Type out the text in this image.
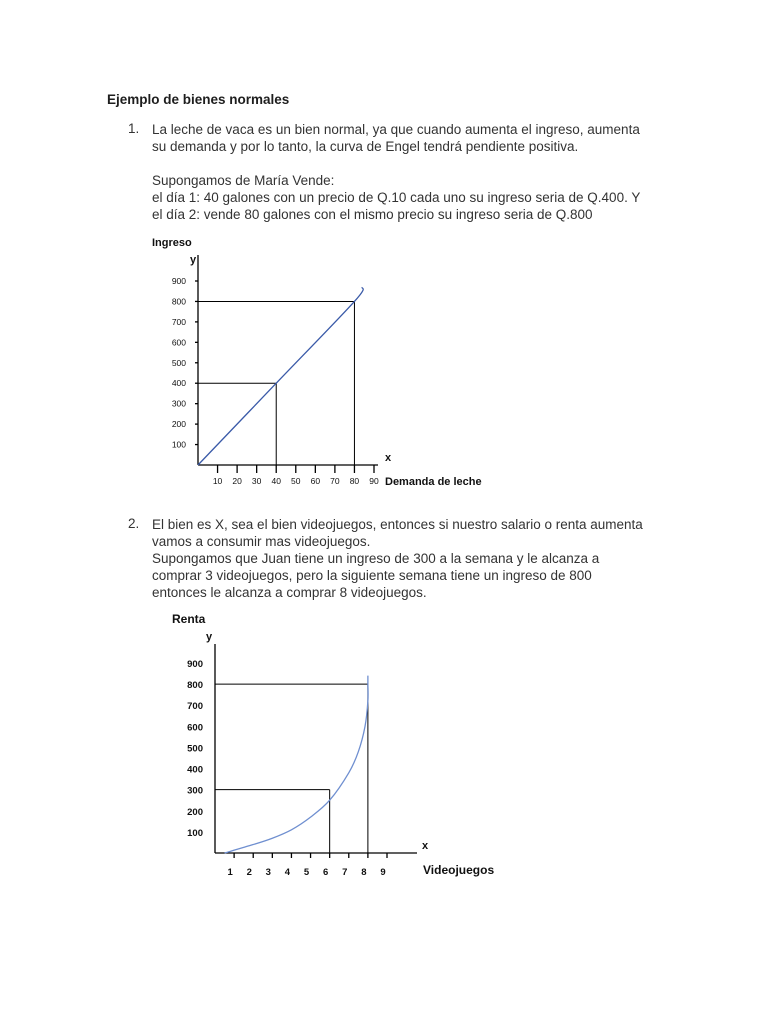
Ejemplo de bienes normales
1. La leche de vaca es un bien normal, ya que cuando aumenta el ingreso, aumenta
su demanda y por lo tanto, la curva de Engel tendrá pendiente positiva.
Supongamos de María Vende:
el día 1: 40 galones con un precio de Q.10 cada uno su ingreso seria de Q.400. Y
el día 2: vende 80 galones con el mismo precio su ingreso seria de Q.800
y
Ingreso
x
Demanda de leche
100
200
300
400
500
600
700
800
900
10 20 30 40 50 60 70 80 90
2. El bien es X, sea el bien videojuegos, entonces si nuestro salario o renta aumenta
vamos a consumir mas videojuegos.
Supongamos que Juan tiene un ingreso de 300 a la semana y le alcanza a
comprar 3 videojuegos, pero la siguiente semana tiene un ingreso de 800
entonces le alcanza a comprar 8 videojuegos.
y
Renta
x
Videojuegos
100
200
300
400
500
600
700
800
900
1 2 3 4 5 6 7 8 9
